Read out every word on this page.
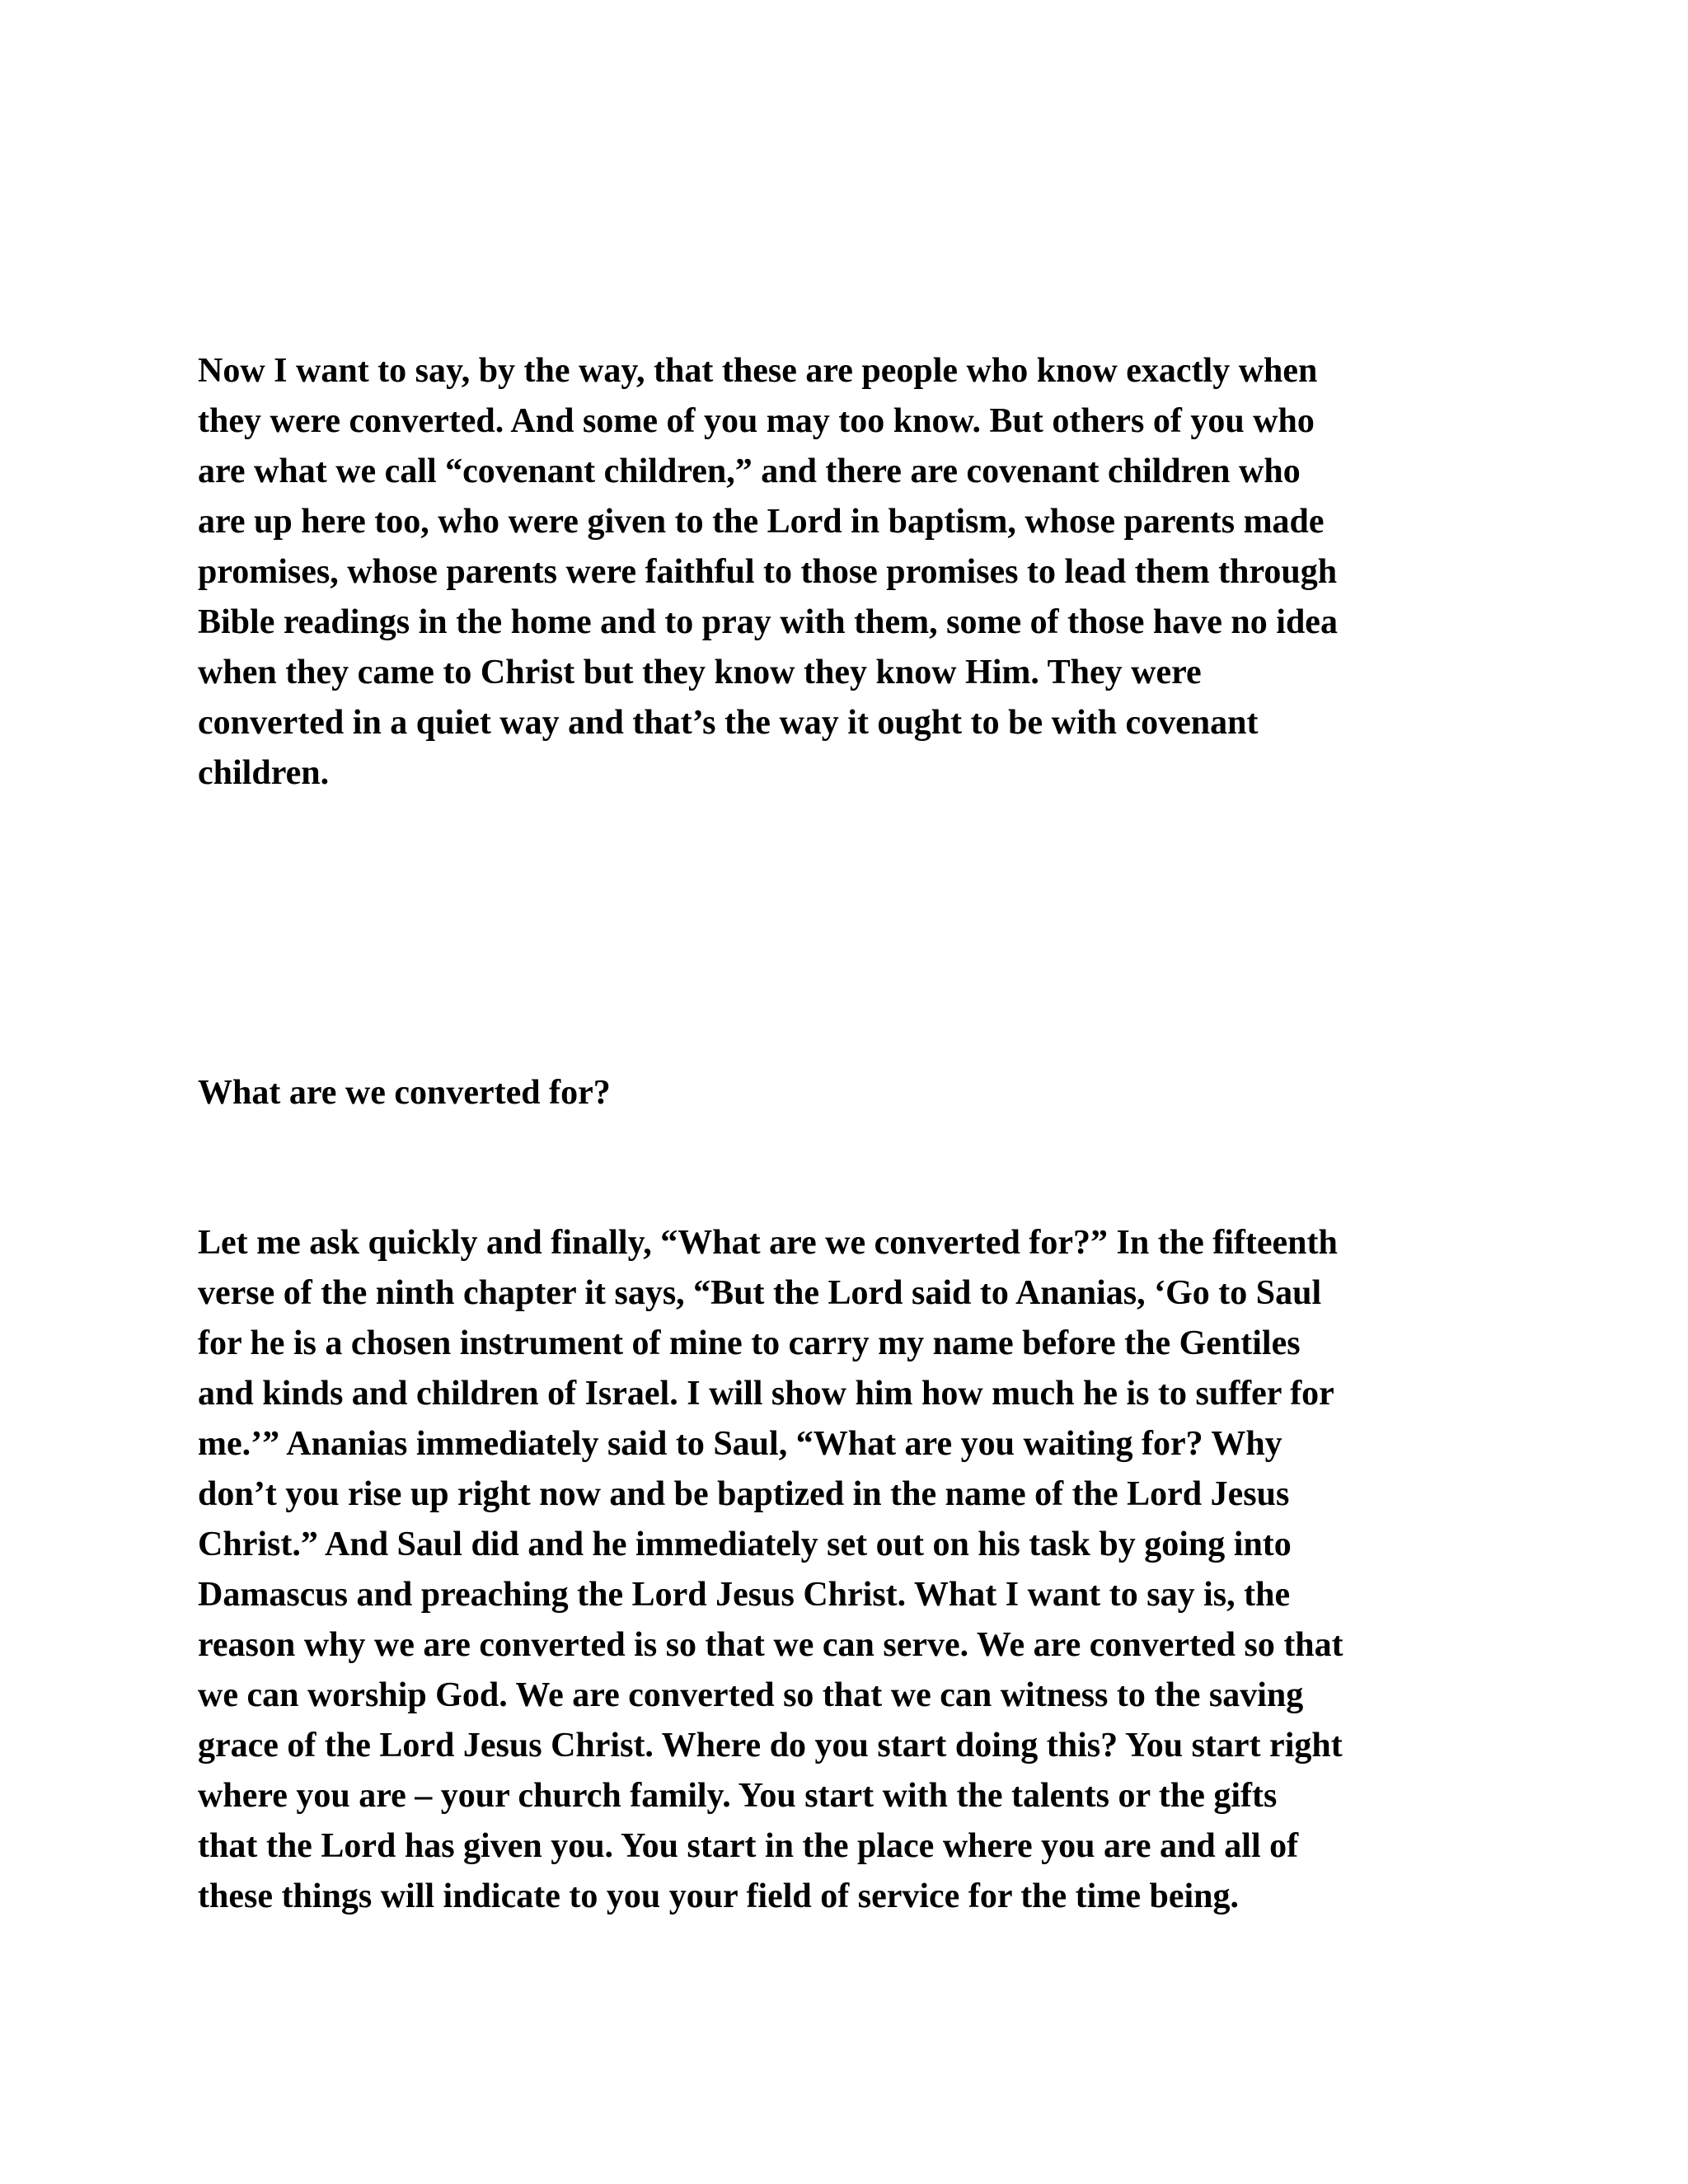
Now I want to say, by the way, that these are people who know exactly when
they were converted. And some of you may too know. But others of you who
are what we call “covenant children,” and there are covenant children who
are up here too, who were given to the Lord in baptism, whose parents made
promises, whose parents were faithful to those promises to lead them through
Bible readings in the home and to pray with them, some of those have no idea
when they came to Christ but they know they know Him. They were
converted in a quiet way and that’s the way it ought to be with covenant
children.
What are we converted for?
Let me ask quickly and finally, “What are we converted for?” In the fifteenth
verse of the ninth chapter it says, “But the Lord said to Ananias, ‘Go to Saul
for he is a chosen instrument of mine to carry my name before the Gentiles
and kinds and children of Israel. I will show him how much he is to suffer for
me.’” Ananias immediately said to Saul, “What are you waiting for? Why
don’t you rise up right now and be baptized in the name of the Lord Jesus
Christ.” And Saul did and he immediately set out on his task by going into
Damascus and preaching the Lord Jesus Christ. What I want to say is, the
reason why we are converted is so that we can serve. We are converted so that
we can worship God. We are converted so that we can witness to the saving
grace of the Lord Jesus Christ. Where do you start doing this? You start right
where you are – your church family. You start with the talents or the gifts
that the Lord has given you. You start in the place where you are and all of
these things will indicate to you your field of service for the time being.
